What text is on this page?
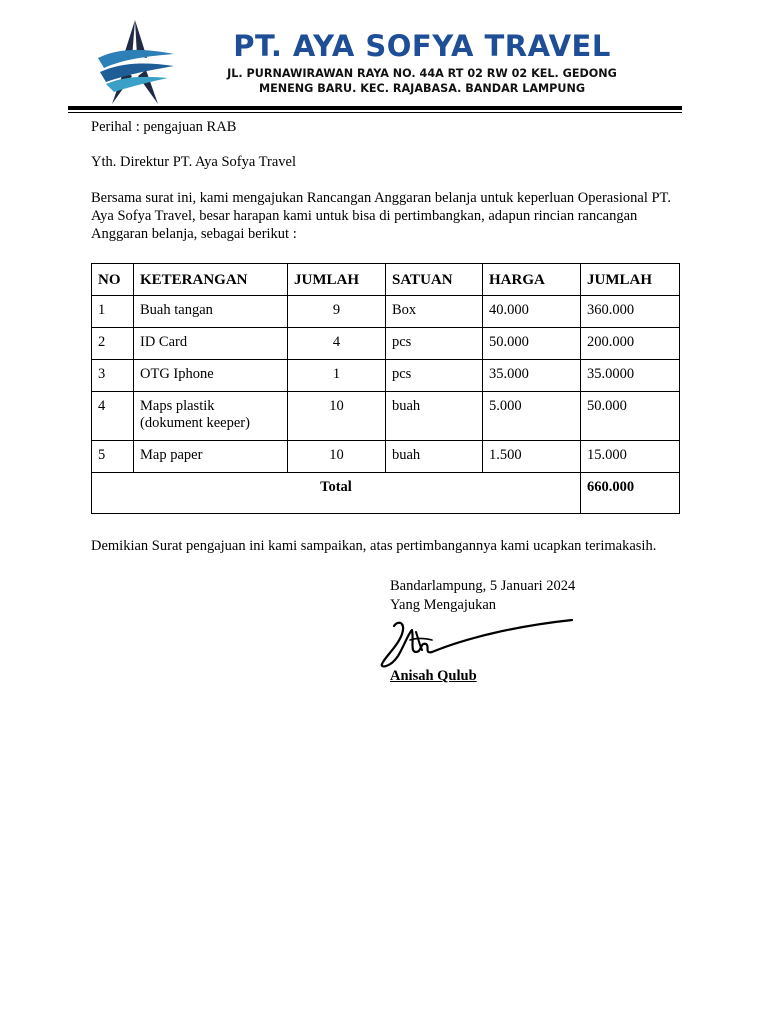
PT. AYA SOFYA TRAVEL
JL. PURNAWIRAWAN RAYA NO. 44A RT 02 RW 02 KEL. GEDONG
MENENG BARU. KEC. RAJABASA. BANDAR LAMPUNG
Perihal : pengajuan RAB
Yth. Direktur PT. Aya Sofya Travel
Bersama surat ini, kami mengajukan Rancangan Anggaran belanja untuk keperluan Operasional PT. Aya Sofya Travel, besar harapan kami untuk bisa di pertimbangkan, adapun rincian rancangan Anggaran belanja, sebagai berikut :
NO	KETERANGAN	JUMLAH	SATUAN	HARGA	JUMLAH
1	Buah tangan	9	Box	40.000	360.000
2	ID Card	4	pcs	50.000	200.000
3	OTG Iphone	1	pcs	35.000	35.0000
4	Maps plastik
(dokument keeper)	10	buah	5.000	50.000
5	Map paper	10	buah	1.500	15.000
Total					660.000
Demikian Surat pengajuan ini kami sampaikan, atas pertimbangannya kami ucapkan terimakasih.
Bandarlampung, 5 Januari 2024
Yang Mengajukan
Anisah Qulub
